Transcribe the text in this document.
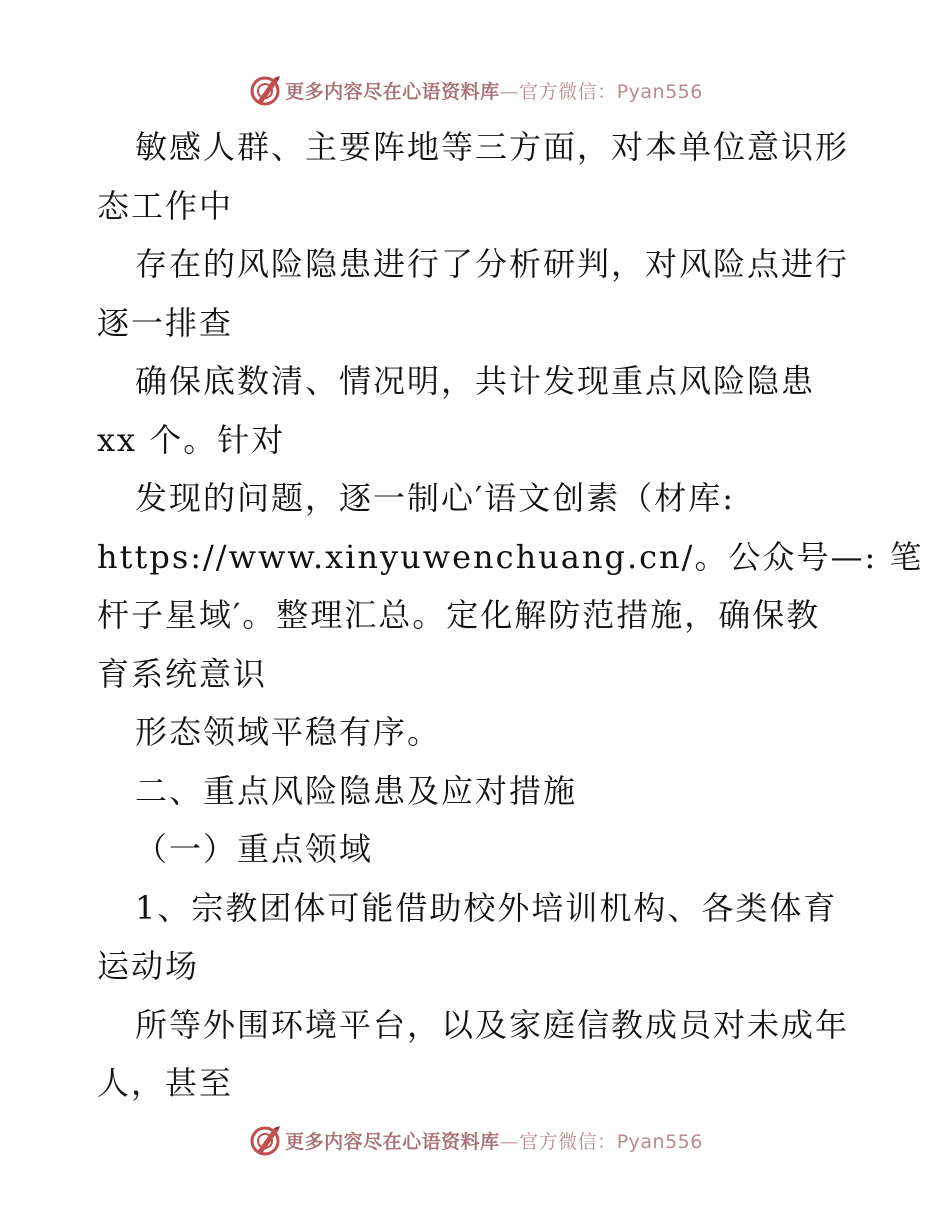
更多内容尽在心语资料库—官方微信：Pyan556
敏感人群、主要阵地等三方面，对本单位意识形
态工作中
存在的风险隐患进行了分析研判，对风险点进行
逐一排查
确保底数清、情况明，共计发现重点风险隐患
xx 个。针对
发现的问题，逐一制心′语文创素（材库:
https://www.xinyuwenchuang.cn/。公众号—: 笔
杆子星域′。整理汇总。定化解防范措施，确保教
育系统意识
形态领域平稳有序。
二、重点风险隐患及应对措施
（一）重点领域
1、宗教团体可能借助校外培训机构、各类体育
运动场
所等外围环境平台，以及家庭信教成员对未成年
人，甚至
更多内容尽在心语资料库—官方微信：Pyan556
